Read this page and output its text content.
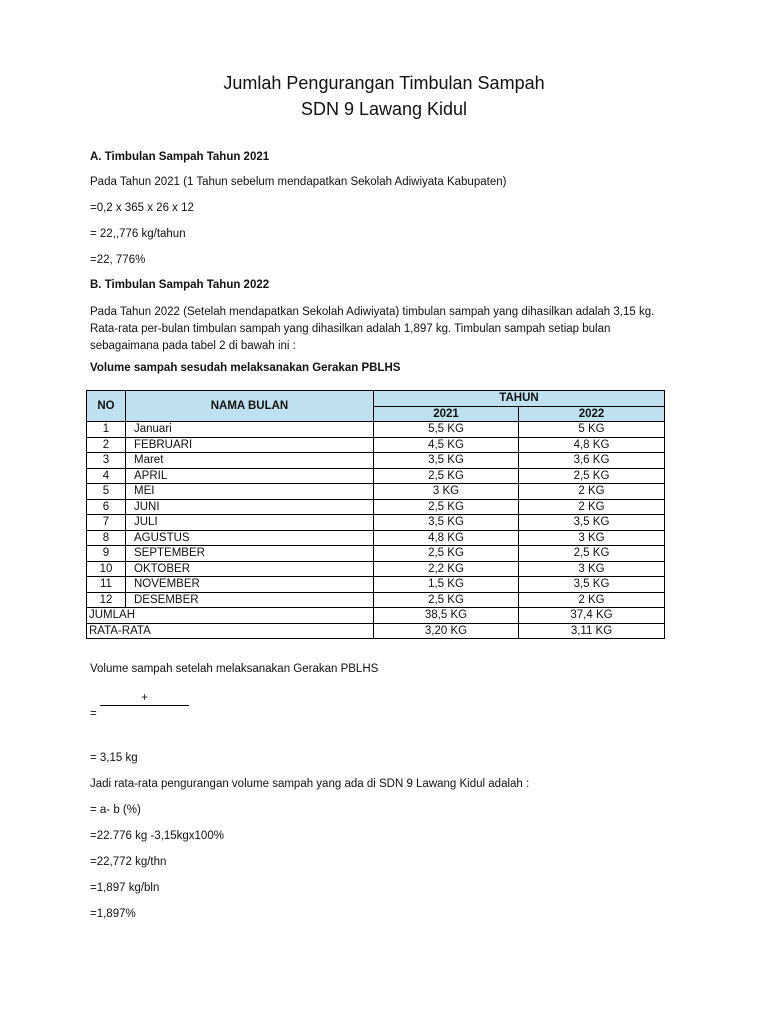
Jumlah Pengurangan Timbulan Sampah
SDN 9 Lawang Kidul

A. Timbulan Sampah Tahun 2021

Pada Tahun 2021 (1 Tahun sebelum mendapatkan Sekolah Adiwiyata Kabupaten)

=0,2 x 365 x 26 x 12

= 22,,776 kg/tahun

=22, 776%

B. Timbulan Sampah Tahun 2022

Pada Tahun 2022 (Setelah mendapatkan Sekolah Adiwiyata) timbulan sampah yang dihasilkan adalah 3,15 kg. Rata-rata per-bulan timbulan sampah yang dihasilkan adalah 1,897 kg. Timbulan sampah setiap bulan sebagaimana pada tabel 2 di bawah ini :

Volume sampah sesudah melaksanakan Gerakan PBLHS

NO	NAMA BULAN	TAHUN	
		2021	2022
1	Januari	5,5 KG	5 KG
2	FEBRUARI	4,5 KG	4,8 KG
3	Maret	3,5 KG	3,6 KG
4	APRIL	2,5 KG	2,5 KG
5	MEI	3 KG	2 KG
6	JUNI	2,5 KG	2 KG
7	JULI	3,5 KG	3,5 KG
8	AGUSTUS	4,8 KG	3 KG
9	SEPTEMBER	2,5 KG	2,5 KG
10	OKTOBER	2,2 KG	3 KG
11	NOVEMBER	1,5 KG	3,5 KG
12	DESEMBER	2,5 KG	2 KG
JUMLAH		38,5 KG	37,4 KG
RATA-RATA		3,20 KG	3,11 KG

Volume sampah setelah melaksanakan Gerakan PBLHS

+

=

= 3,15 kg

Jadi rata-rata pengurangan volume sampah yang ada di SDN 9 Lawang Kidul adalah :

= a- b (%)

=22.776 kg -3,15kgx100%

=22,772 kg/thn

=1,897 kg/bln

=1,897%
